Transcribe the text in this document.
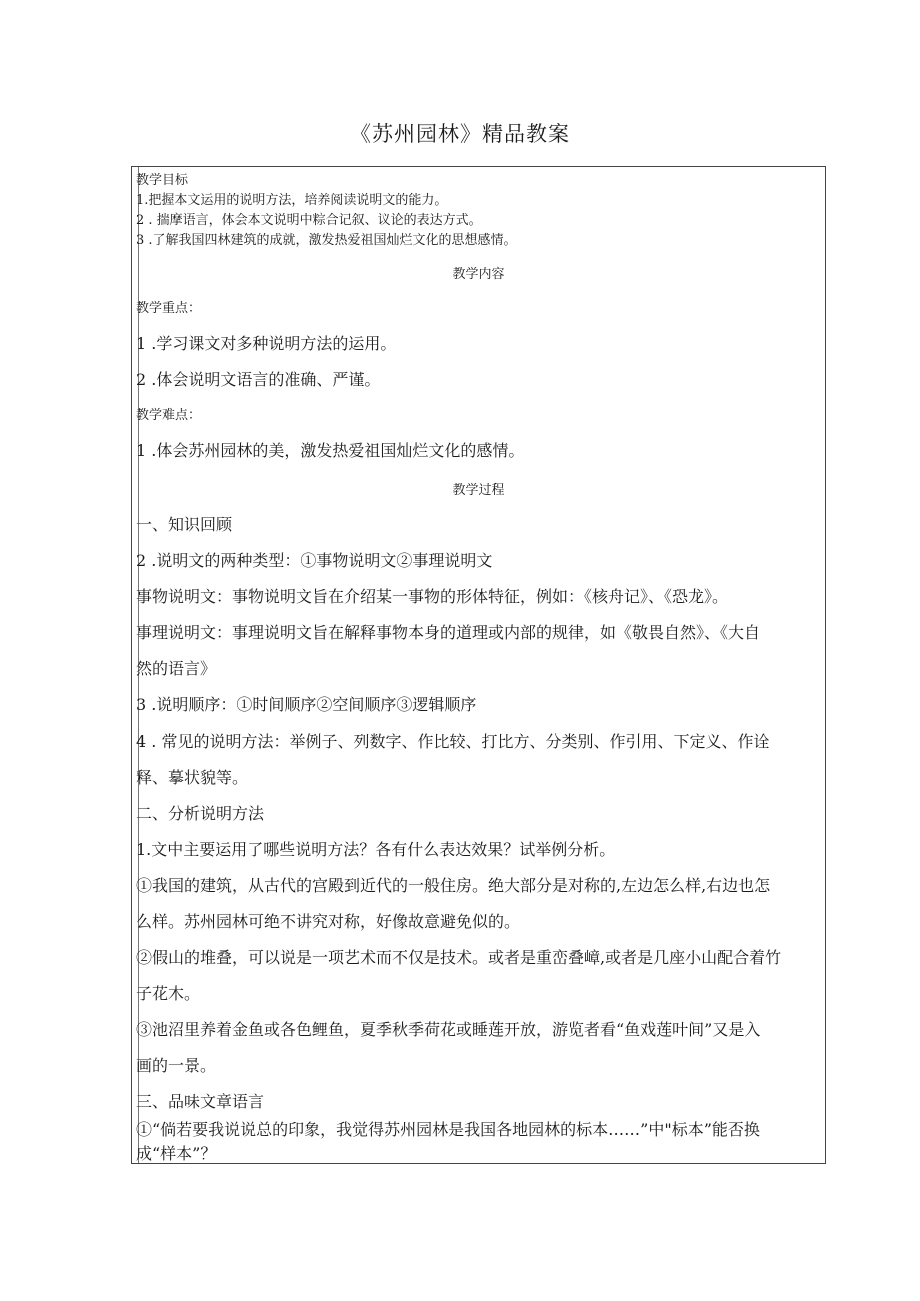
《苏州园林》精品教案
教学目标
1.把握本文运用的说明方法，培养阅读说明文的能力。
2 . 揣摩语言，体会本文说明中粽合记叙、议论的表达方式。
3 .了解我国四林建筑的成就，激发热爱祖国灿烂文化的思想感情。
教学内容
教学重点：
1 .学习课文对多种说明方法的运用。
2 .体会说明文语言的准确、严谨。
教学难点：
1 .体会苏州园林的美，激发热爱祖国灿烂文化的感情。
教学过程
一、知识回顾
2 .说明文的两种类型：①事物说明文②事理说明文
事物说明文：事物说明文旨在介绍某一事物的形体特征，例如：《核舟记》、《恐龙》。
事理说明文：事理说明文旨在解释事物本身的道理或内部的规律，如《敬畏自然》、《大自
然的语言》
3 .说明顺序：①时间顺序②空间顺序③逻辑顺序
4 . 常见的说明方法：举例子、列数字、作比较、打比方、分类别、作引用、下定义、作诠
释、摹状貌等。
二、分析说明方法
1.文中主要运用了哪些说明方法？各有什么表达效果？试举例分析。
①我国的建筑，从古代的宫殿到近代的一般住房。绝大部分是对称的,左边怎么样,右边也怎
么样。苏州园林可绝不讲究对称，好像故意避免似的。
②假山的堆叠，可以说是一项艺术而不仅是技术。或者是重峦叠嶂,或者是几座小山配合着竹
子花木。
③池沼里养着金鱼或各色鲤鱼，夏季秋季荷花或睡莲开放，游览者看“鱼戏莲叶间”又是入
画的一景。
三、品味文章语言
①“倘若要我说说总的印象，我觉得苏州园林是我国各地园林的标本……”中"标本”能否换
成“样本”？
